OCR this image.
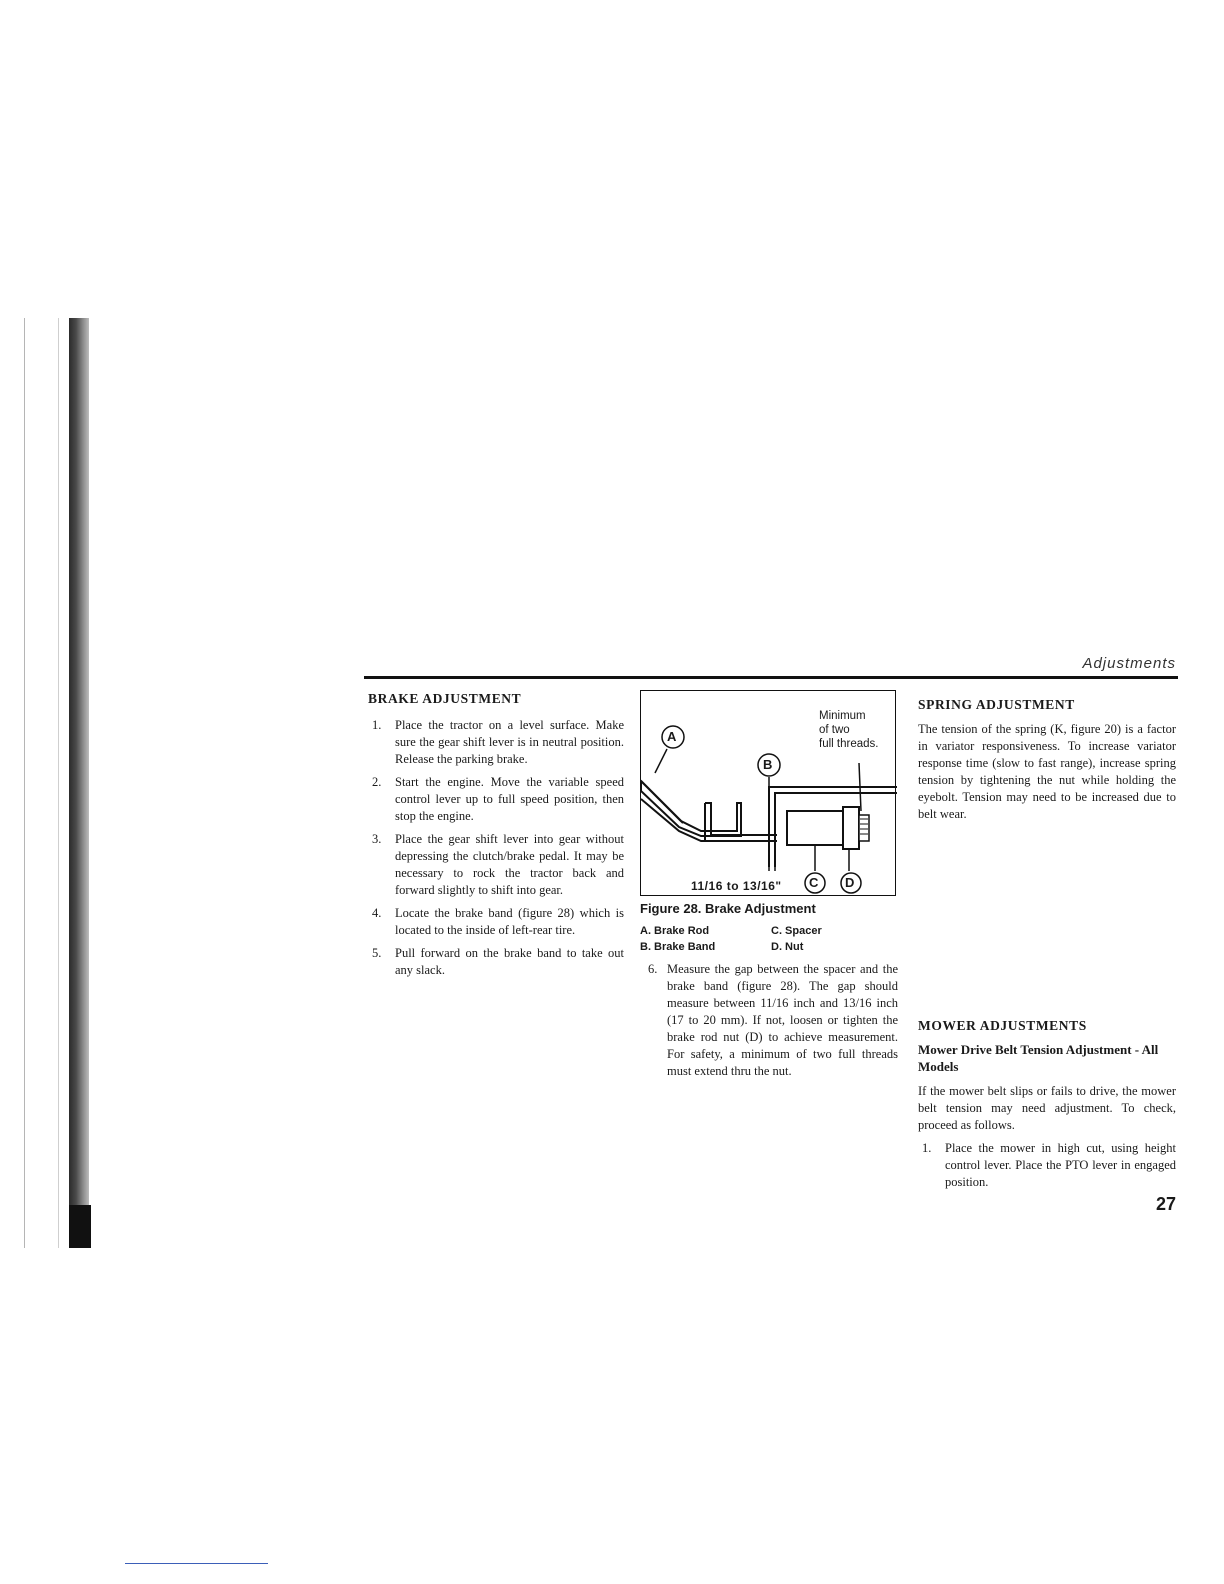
Adjustments
BRAKE ADJUSTMENT
1. Place the tractor on a level surface. Make sure the gear shift lever is in neutral position. Release the parking brake.
2. Start the engine. Move the variable speed control lever up to full speed position, then stop the engine.
3. Place the gear shift lever into gear without depressing the clutch/brake pedal. It may be necessary to rock the tractor back and forward slightly to shift into gear.
4. Locate the brake band (figure 28) which is located to the inside of left-rear tire.
5. Pull forward on the brake band to take out any slack.
A
B
C D
Minimum
of two
full threads.
11/16 to 13/16"
Figure 28. Brake Adjustment
A. Brake Rod
B. Brake Band
C. Spacer
D. Nut
6. Measure the gap between the spacer and the brake band (figure 28). The gap should measure between 11/16 inch and 13/16 inch (17 to 20 mm). If not, loosen or tighten the brake rod nut (D) to achieve measurement. For safety, a minimum of two full threads must extend thru the nut.
SPRING ADJUSTMENT

The tension of the spring (K, figure 20) is a factor in variator responsiveness. To increase variator response time (slow to fast range), increase spring tension by tightening the nut while holding the eyebolt. Tension may need to be increased due to belt wear.

MOWER ADJUSTMENTS
Mower Drive Belt Tension Adjustment - All Models

If the mower belt slips or fails to drive, the mower belt tension may need adjustment. To check, proceed as follows.

1. Place the mower in high cut, using height control lever. Place the PTO lever in engaged position.
27
